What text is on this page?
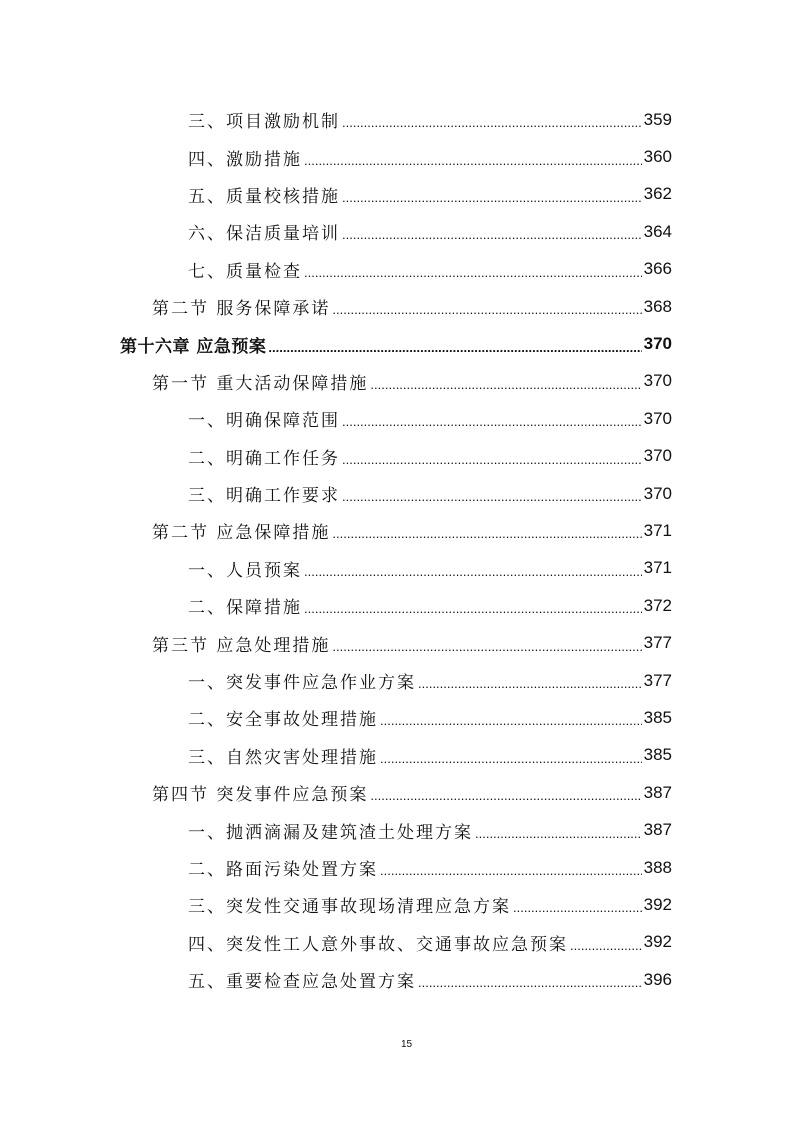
三、项目激励机制 .....	359
四、激励措施 .....	360
五、质量校核措施 .....	362
六、保洁质量培训 .....	364
七、质量检查 .....	366
第二节 服务保障承诺 .....	368
第十六章 应急预案 .....	370
第一节 重大活动保障措施 .....	370
一、明确保障范围 .....	370
二、明确工作任务 .....	370
三、明确工作要求 .....	370
第二节 应急保障措施 .....	371
一、人员预案 .....	371
二、保障措施 .....	372
第三节 应急处理措施 .....	377
一、突发事件应急作业方案 .....	377
二、安全事故处理措施 .....	385
三、自然灾害处理措施 .....	385
第四节 突发事件应急预案 .....	387
一、抛洒滴漏及建筑渣土处理方案 .....	387
二、路面污染处置方案 .....	388
三、突发性交通事故现场清理应急方案 .....	392
四、突发性工人意外事故、交通事故应急预案 .....	392
五、重要检查应急处置方案 .....	396
15
